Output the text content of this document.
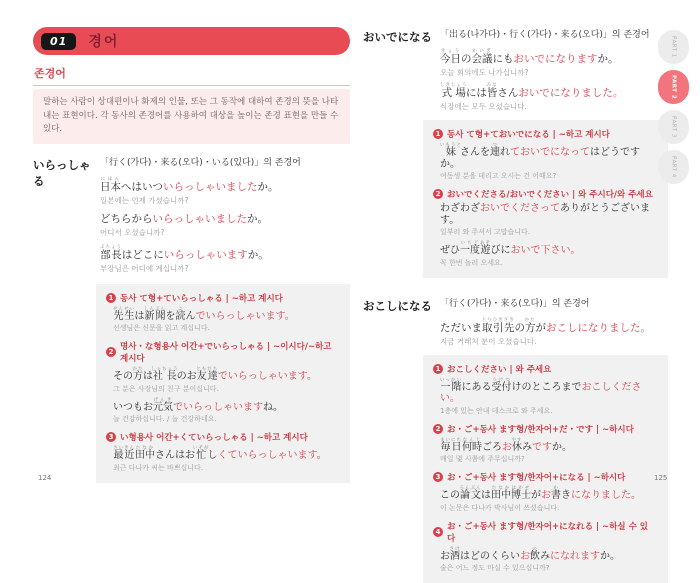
01	경어
존경어
말하는 사람이 상대편이나 화제의 인물, 또는 그 동작에 대하여 존경의 뜻을 나타내는 표현이다. 각 동사의 존경어를 사용하여 대상을 높이는 존경 표현을 만들 수 있다.
いらっしゃる
「行く(가다)・来る(오다)・いる(있다)」의 존경어
日本にほんへはいついらっしゃいましたか。
일본에는 언제 가셨습니까?
どちらからいらっしゃいましたか。
어디서 오셨습니까?
部長ぶちょうはどこにいらっしゃいますか。
부장님은 어디에 계십니까?
1 동사 て형+ていらっしゃる | ~하고 계시다
先生せんせいは新聞しんぶんを読よんでいらっしゃいます。
선생님은 신문을 읽고 계십니다.
2 명사・な형용사 어간+でいらっしゃる | ~이시다/~하고 계시다
その方かたは社長しゃちょうのお友達ともだちでいらっしゃいます。
그 분은 사장님의 친구 분이십니다.
いつもお元気げんきでいらっしゃいますね。
늘 건강하십니다. / 늘 건강하네요.
3 い형용사 어간+くていらっしゃる | ~하고 계시다
最近さいきん田中たなかさんはお忙いそがしくていらっしゃいます。
최근 다나카 씨는 바쁘십니다.
おいでになる 「出る(나가다)・行く(가다)・来る(오다)」의 존경어
今日きょうの会議かいぎにもおいでになりますか。
오늘 회의에도 나가십니까?
式場しきじょうには皆みなさんおいでになりました。
식장에는 모두 오셨습니다.
1 동사 て형+ておいでになる | ~하고 계시다
妹いもうとさんを連つれておいでになってはどうですか。
여동생 분을 데리고 오시는 건 어때요?
2 おいでくださる/おいでください | 와 주시다/와 주세요
わざわざおいでくださってありがとうございます。
일부러 와 주셔서 고맙습니다.
ぜひ一度いちど遊あそびにおいで下さい。
꼭 한번 놀러 오세요.
おこしになる 「行く(가다)・来る(오다)」의 존경어
ただいま取引先とりひきさきの方かたがおこしになりました。
지금 거래처 분이 오셨습니다.
1 おこしください | 와 주세요
一階いっかいにある受付うけつけのところまでおこしください。
1층에 있는 안내 데스크로 와 주세요.
2 お・ご+동사 ます형/한자어+だ・です | ~하시다
毎日まいにち何時なんじごろお休やすみですか。
매일 몇 시쯤에 주무십니까?
3 お・ご+동사 ます형/한자어+になる | ~하시다
この論文ろんぶんは田中たなか博士はかせがお書かきになりました。
이 논문은 다나카 박사님이 쓰셨습니다.
4 お・ご+동사 ます형/한자어+になれる | ~하실 수 있다
お酒さけはどのくらいお飲のみになれますか。
술은 어느 정도 마실 수 있으십니까?
PART 1
PART 2
PART 3
PART 4
124	125
